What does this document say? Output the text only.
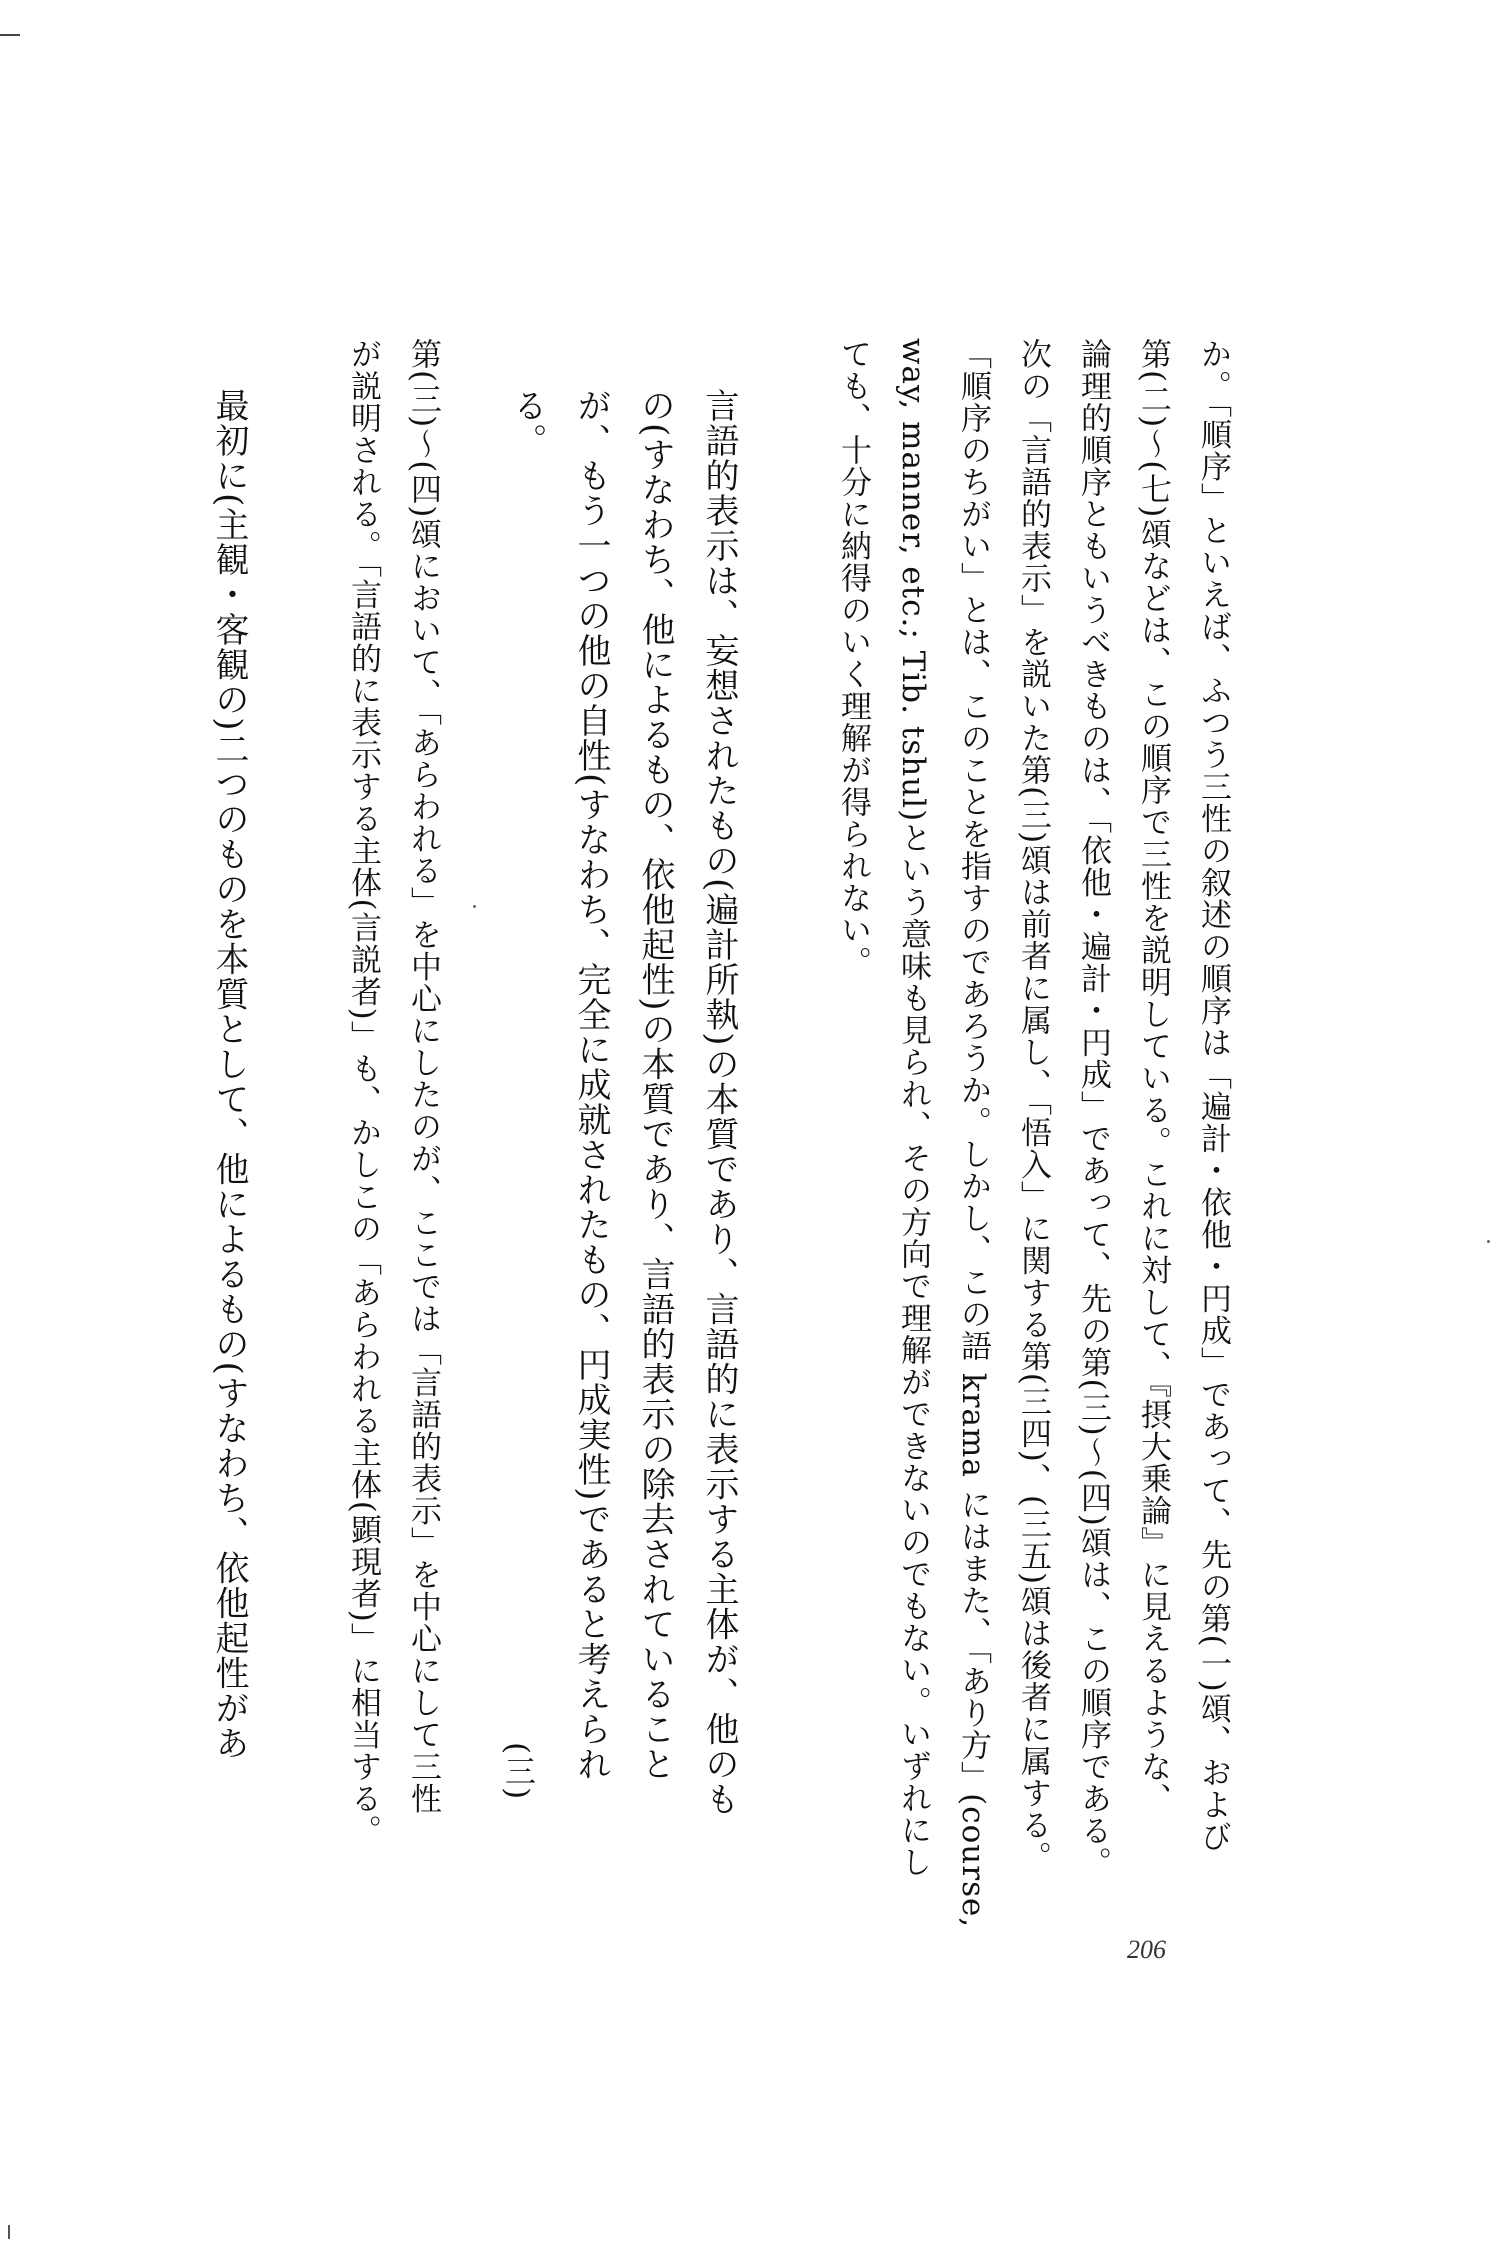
か。「順序」といえば、ふつう三性の叙述の順序は「遍計・依他・円成」であって、先の第(一)頌、および
第(二)〜(七)頌などは、この順序で三性を説明している。これに対して、『摂大乗論』に見えるような、
論理的順序ともいうべきものは、「依他・遍計・円成」であって、先の第(三)〜(四)頌は、この順序である。
次の「言語的表示」を説いた第(三)頌は前者に属し、「悟入」に関する第(三四)、(三五)頌は後者に属する。
「順序のちがい」とは、このことを指すのであろうか。しかし、この語 krama にはまた、「あり方」(course,
way, manner, etc.; Tib. tshul)という意味も見られ、その方向で理解ができないのでもない。いずれにし
ても、十分に納得のいく理解が得られない。
言語的表示は、妄想されたもの(遍計所執)の本質であり、言語的に表示する主体が、他のも
の(すなわち、他によるもの、依他起性)の本質であり、言語的表示の除去されていること
が、もう一つの他の自性(すなわち、完全に成就されたもの、円成実性)であると考えられ
る。
(三)
第(三)〜(四)頌において、「あらわれる」を中心にしたのが、ここでは「言語的表示」を中心にして三性
が説明される。「言語的に表示する主体(言説者)」も、かしこの「あらわれる主体(顕現者)」に相当する。
最初に(主観・客観の)二つのものを本質として、他によるもの(すなわち、依他起性があ
206
